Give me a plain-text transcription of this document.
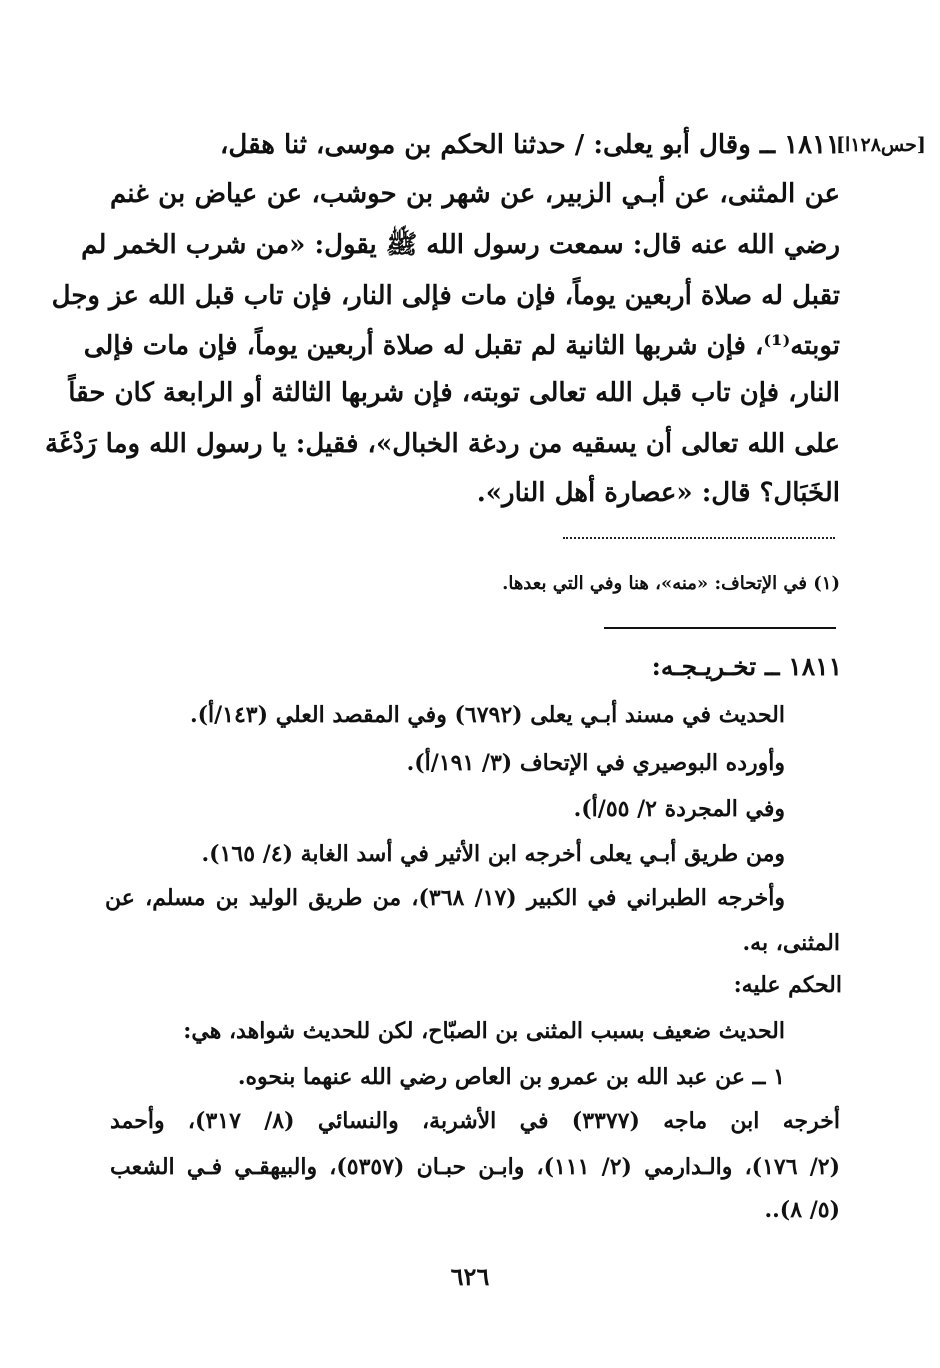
[حس١٢٨ا]
١٨١١ ــ وقال أبو يعلى: / حدثنا الحكم بن موسى، ثنا هقل،
عن المثنى، عن أبـي الزبير، عن شهر بن حوشب، عن عياض بن غنم
رضي الله عنه قال: سمعت رسول الله ﷺ يقول: «من شرب الخمر لم
تقبل له صلاة أربعين يوماً، فإن مات فإلى النار، فإن تاب قبل الله عز وجل
توبته⁽¹⁾، فإن شربها الثانية لم تقبل له صلاة أربعين يوماً، فإن مات فإلى
النار، فإن تاب قبل الله تعالى توبته، فإن شربها الثالثة أو الرابعة كان حقاً
على الله تعالى أن يسقيه من ردغة الخبال»، فقيل: يا رسول الله وما رَدْغَة
الخَبَال؟ قال: «عصارة أهل النار».
(١) في الإتحاف: «منه»، هنا وفي التي بعدها.
١٨١١ ــ تخـريـجـه:
الحديث في مسند أبـي يعلى (٦٧٩٢) وفي المقصد العلي (١٤٣/أ).
وأورده البوصيري في الإتحاف (٣/ ١٩١/أ).
وفي المجردة ٢/ ٥٥/أ).
ومن طريق أبـي يعلى أخرجه ابن الأثير في أسد الغابة (٤/ ١٦٥).
وأخرجه الطبراني في الكبير (١٧/ ٣٦٨)، من طريق الوليد بن مسلم، عن
المثنى، به.
الحكم عليه:
الحديث ضعيف بسبب المثنى بن الصبّاح، لكن للحديث شواهد، هي:
١ ــ عن عبد الله بن عمرو بن العاص رضي الله عنهما بنحوه.
أخرجه ابن ماجه (٣٣٧٧) في الأشربة، والنسائي (٨/ ٣١٧)، وأحمد
(٢/ ١٧٦)، والـدارمي (٢/ ١١١)، وابـن حبـان (٥٣٥٧)، والبيهقـي فـي الشعب
(٥/ ٨)..
٦٢٦
